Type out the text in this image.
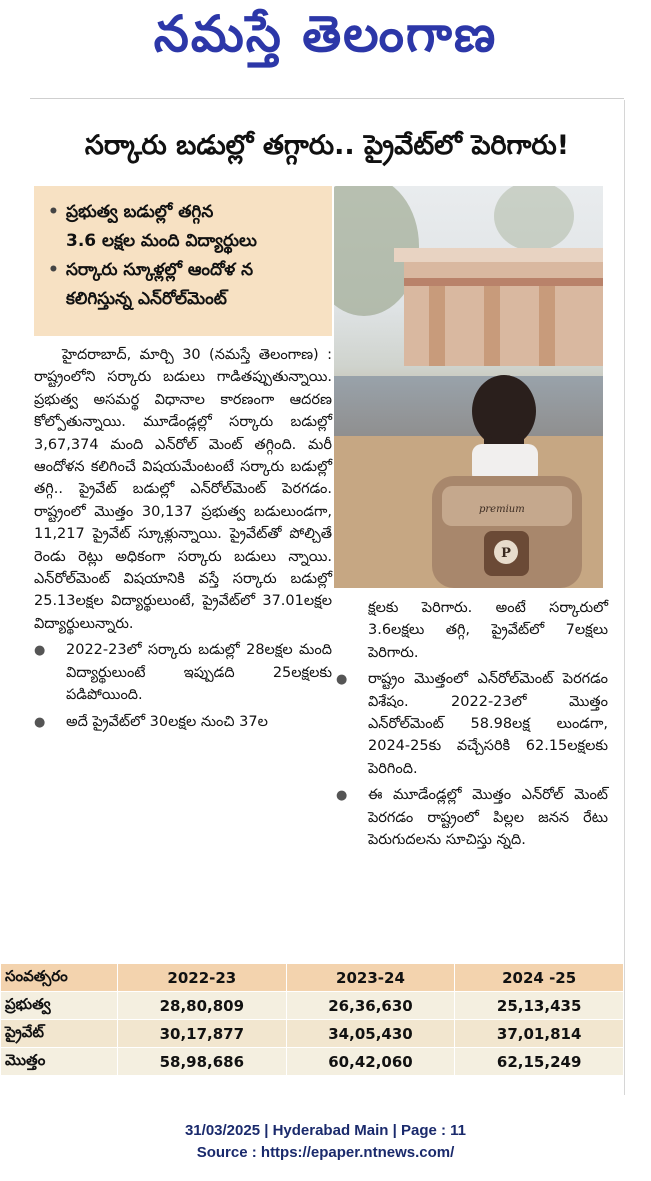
నమస్తే తెలంగాణ
సర్కారు బడుల్లో తగ్గారు.. ప్రైవేట్‌లో పెరిగారు!
• ప్రభుత్వ బడుల్లో తగ్గిన
3.6 లక్షల మంది విద్యార్థులు
• సర్కారు స్కూళ్లల్లో ఆందోళ న
కలిగిస్తున్న ఎన్‌రోల్‌మెంట్
P
premium

హైదరాబాద్, మార్చి 30 (నమస్తే తెలంగాణ) : రాష్ట్రంలోని సర్కారు బడులు గాడితప్పుతున్నాయి. ప్రభుత్వ అసమర్థ విధానాల కారణంగా ఆదరణ కోల్పోతున్నాయి. మూడేండ్లల్లో సర్కారు బడుల్లో 3,67,374 మంది ఎన్‌రోల్‌ మెంట్ తగ్గింది. మరీ ఆందోళన కలిగించే విషయమేంటంటే సర్కారు బడుల్లో తగ్గి.. ప్రైవేట్ బడుల్లో ఎన్‌రోల్‌మెంట్ పెరగడం. రాష్ట్రంలో మొత్తం 30,137 ప్రభుత్వ బడులుండగా, 11,217 ప్రైవేట్ స్కూళ్లున్నాయి. ప్రైవేట్‌తో పోల్చితే రెండు రెట్లు అధికంగా సర్కారు బడులు న్నాయి. ఎన్‌రోల్‌మెంట్ విషయానికి వస్తే సర్కారు బడుల్లో 25.13లక్షల విద్యార్థులుంటే, ప్రైవేట్‌లో 37.01లక్షల విద్యార్థులున్నారు.

●	2022-23లో సర్కారు బడుల్లో 28లక్షల మంది విద్యార్థులుంటే ఇప్పుడది 25లక్షలకు పడిపోయింది.
●	అదే ప్రైవేట్‌లో 30లక్షల నుంచి 37ల

క్షలకు పెరిగారు. అంటే సర్కారులో 3.6లక్షలు తగ్గి, ప్రైవేట్‌లో 7లక్షలు పెరిగారు.

●	రాష్ట్రం మొత్తంలో ఎన్‌రోల్‌మెంట్ పెరగడం విశేషం. 2022-23లో మొత్తం ఎన్‌రోల్‌మెంట్ 58.98లక్ష లుండగా, 2024-25కు వచ్చేసరికి 62.15లక్షలకు పెరిగింది.
●	ఈ మూడేండ్లల్లో మొత్తం ఎన్‌రోల్‌ మెంట్ పెరగడం రాష్ట్రంలో పిల్లల జనన రేటు పెరుగుదలను సూచిస్తు న్నది.
సంవత్సరం	2022-23	2023-24	2024 -25
ప్రభుత్వ	28,80,809	26,36,630	25,13,435
ప్రైవేట్	30,17,877	34,05,430	37,01,814
మొత్తం	58,98,686	60,42,060	62,15,249
31/03/2025 | Hyderabad Main | Page : 11
Source : https://epaper.ntnews.com/
